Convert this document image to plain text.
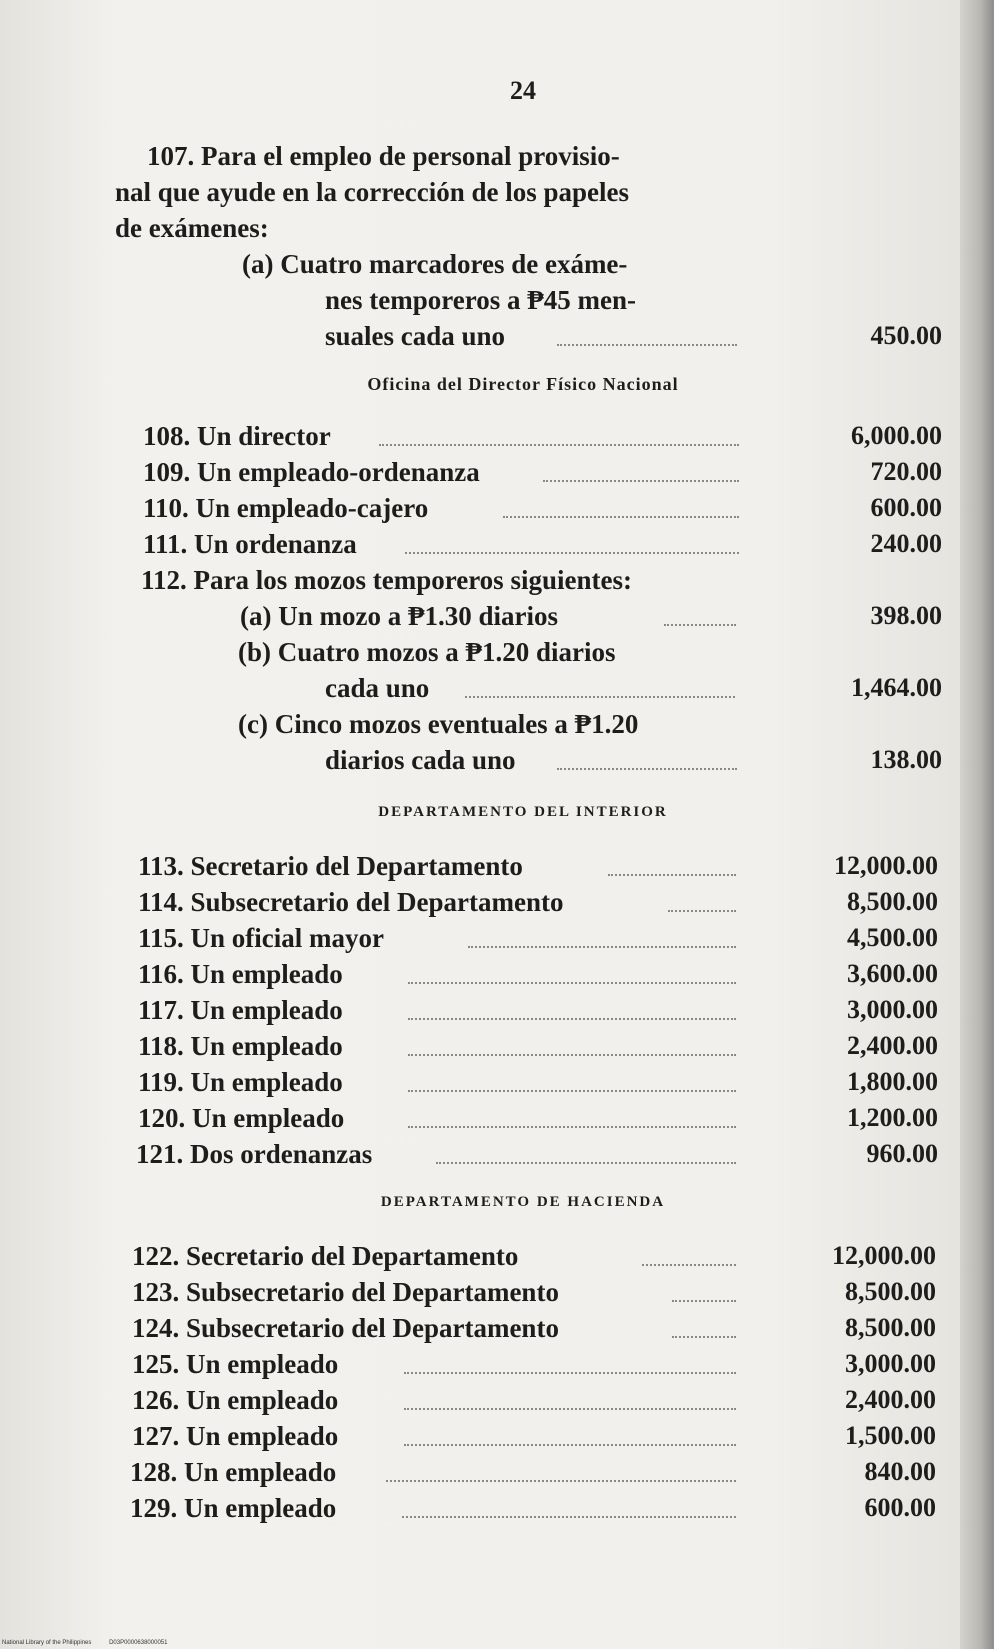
24
107. Para el empleo de personal provisio-
nal que ayude en la corrección de los papeles
de exámenes:
(a) Cuatro marcadores de exáme-
nes temporeros a ₱45 men-
suales cada uno	450.00
Oficina del Director Físico Nacional
108. Un director	6,000.00
109. Un empleado-ordenanza	720.00
110. Un empleado-cajero	600.00
111. Un ordenanza	240.00
112. Para los mozos temporeros siguientes:
(a) Un mozo a ₱1.30 diarios	398.00
(b) Cuatro mozos a ₱1.20 diarios
cada uno	1,464.00
(c) Cinco mozos eventuales a ₱1.20
diarios cada uno	138.00
DEPARTAMENTO DEL INTERIOR
113. Secretario del Departamento	12,000.00
114. Subsecretario del Departamento	8,500.00
115. Un oficial mayor	4,500.00
116. Un empleado	3,600.00
117. Un empleado	3,000.00
118. Un empleado	2,400.00
119. Un empleado	1,800.00
120. Un empleado	1,200.00
121. Dos ordenanzas	960.00
DEPARTAMENTO DE HACIENDA
122. Secretario del Departamento	12,000.00
123. Subsecretario del Departamento	8,500.00
124. Subsecretario del Departamento	8,500.00
125. Un empleado	3,000.00
126. Un empleado	2,400.00
127. Un empleado	1,500.00
128. Un empleado	840.00
129. Un empleado	600.00
National Library of the Philippines	D03P0000638000051
